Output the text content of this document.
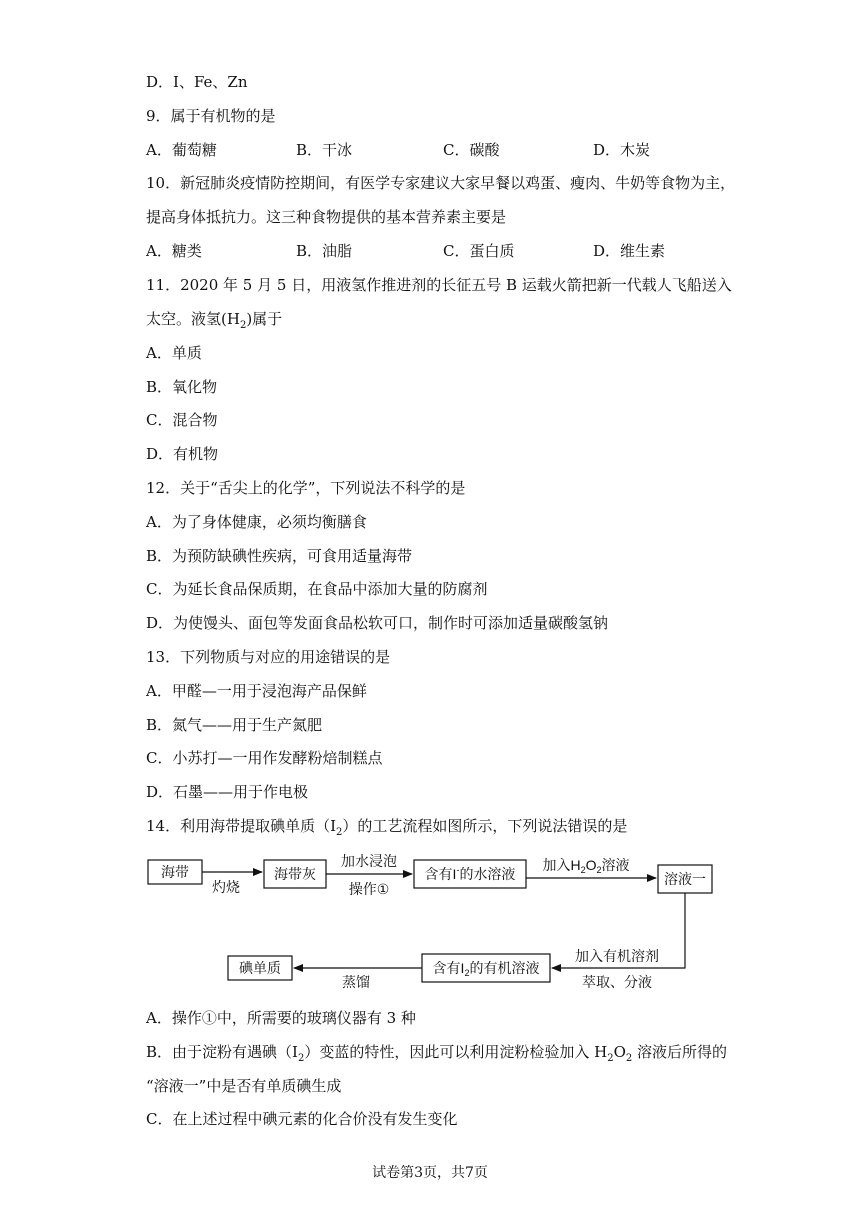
D．I、Fe、Zn
9．属于有机物的是
A．葡萄糖	B．干冰	C．碳酸	D．木炭
10．新冠肺炎疫情防控期间，有医学专家建议大家早餐以鸡蛋、瘦肉、牛奶等食物为主，
提高身体抵抗力。这三种食物提供的基本营养素主要是
A．糖类	B．油脂	C．蛋白质	D．维生素
11．2020 年 5 月 5 日，用液氢作推进剂的长征五号 B 运载火箭把新一代载人飞船送入
太空。液氢$(H_2)$属于
A．单质
B．氧化物
C．混合物
D．有机物
12．关于“舌尖上的化学”，下列说法不科学的是
A．为了身体健康，必须均衡膳食
B．为预防缺碘性疾病，可食用适量海带
C．为延长食品保质期，在食品中添加大量的防腐剂
D．为使馒头、面包等发面食品松软可口，制作时可添加适量碳酸氢钠
13．下列物质与对应的用途错误的是
A．甲醛—一用于浸泡海产品保鲜
B．氮气——用于生产氮肥
C．小苏打—一用作发酵粉焙制糕点
D．石墨——用于作电极
14．利用海带提取碘单质$(I_2)$的工艺流程如图所示，下列说法错误的是
海带
灼烧
海带灰
加水浸泡
操作①
含有I-的水溶液
加入$H_2O_2$溶液
溶液一
加入有机溶剂
萃取、分液
含有$I_2$的有机溶液
蒸馏
碘单质
A．操作①中，所需要的玻璃仪器有 3 种
B．由于淀粉有遇碘$(I_2)$变蓝的特性，因此可以利用淀粉检验加入 $H_2O_2$ 溶液后所得的
“溶液一”中是否有单质碘生成
C．在上述过程中碘元素的化合价没有发生变化
试卷第3页，共7页
